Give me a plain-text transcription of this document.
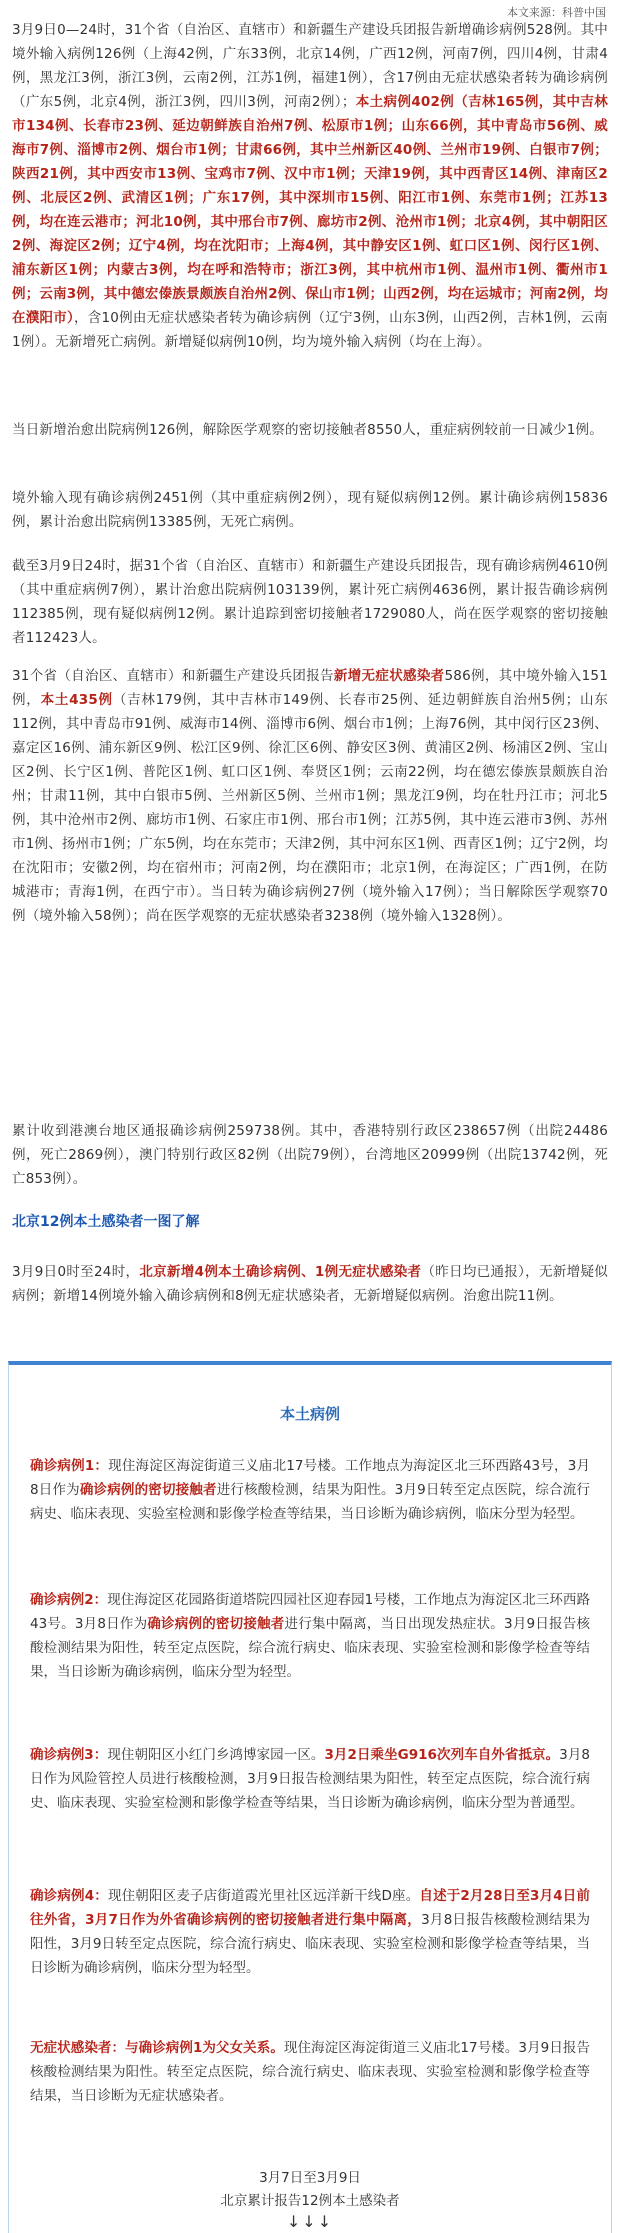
本文来源：科普中国
3月9日0—24时，31个省（自治区、直辖市）和新疆生产建设兵团报告新增确诊病例528例。其中境外输入病例126例（上海42例，广东33例，北京14例，广西12例，河南7例，四川4例，甘肃4例，黑龙江3例，浙江3例，云南2例，江苏1例，福建1例），含17例由无症状感染者转为确诊病例（广东5例，北京4例，浙江3例，四川3例，河南2例）；本土病例402例（吉林165例，其中吉林市134例、长春市23例、延边朝鲜族自治州7例、松原市1例；山东66例，其中青岛市56例、威海市7例、淄博市2例、烟台市1例；甘肃66例，其中兰州新区40例、兰州市19例、白银市7例；陕西21例，其中西安市13例、宝鸡市7例、汉中市1例；天津19例，其中西青区14例、津南区2例、北辰区2例、武清区1例；广东17例，其中深圳市15例、阳江市1例、东莞市1例；江苏13例，均在连云港市；河北10例，其中邢台市7例、廊坊市2例、沧州市1例；北京4例，其中朝阳区2例、海淀区2例；辽宁4例，均在沈阳市；上海4例，其中静安区1例、虹口区1例、闵行区1例、浦东新区1例；内蒙古3例，均在呼和浩特市；浙江3例，其中杭州市1例、温州市1例、衢州市1例；云南3例，其中德宏傣族景颇族自治州2例、保山市1例；山西2例，均在运城市；河南2例，均在濮阳市），含10例由无症状感染者转为确诊病例（辽宁3例，山东3例，山西2例，吉林1例，云南1例）。无新增死亡病例。新增疑似病例10例，均为境外输入病例（均在上海）。
当日新增治愈出院病例126例，解除医学观察的密切接触者8550人，重症病例较前一日减少1例。
境外输入现有确诊病例2451例（其中重症病例2例），现有疑似病例12例。累计确诊病例15836例，累计治愈出院病例13385例，无死亡病例。
截至3月9日24时，据31个省（自治区、直辖市）和新疆生产建设兵团报告，现有确诊病例4610例（其中重症病例7例），累计治愈出院病例103139例，累计死亡病例4636例，累计报告确诊病例112385例，现有疑似病例12例。累计追踪到密切接触者1729080人，尚在医学观察的密切接触者112423人。
31个省（自治区、直辖市）和新疆生产建设兵团报告新增无症状感染者586例，其中境外输入151例，本土435例（吉林179例，其中吉林市149例、长春市25例、延边朝鲜族自治州5例；山东112例，其中青岛市91例、威海市14例、淄博市6例、烟台市1例；上海76例，其中闵行区23例、嘉定区16例、浦东新区9例、松江区9例、徐汇区6例、静安区3例、黄浦区2例、杨浦区2例、宝山区2例、长宁区1例、普陀区1例、虹口区1例、奉贤区1例；云南22例，均在德宏傣族景颇族自治州；甘肃11例，其中白银市5例、兰州新区5例、兰州市1例；黑龙江9例，均在牡丹江市；河北5例，其中沧州市2例、廊坊市1例、石家庄市1例、邢台市1例；江苏5例，其中连云港市3例、苏州市1例、扬州市1例；广东5例，均在东莞市；天津2例，其中河东区1例、西青区1例；辽宁2例，均在沈阳市；安徽2例，均在宿州市；河南2例，均在濮阳市；北京1例，在海淀区；广西1例，在防城港市；青海1例，在西宁市）。当日转为确诊病例27例（境外输入17例）；当日解除医学观察70例（境外输入58例）；尚在医学观察的无症状感染者3238例（境外输入1328例）。
累计收到港澳台地区通报确诊病例259738例。其中，香港特别行政区238657例（出院24486例，死亡2869例），澳门特别行政区82例（出院79例），台湾地区20999例（出院13742例，死亡853例）。
北京12例本土感染者一图了解
3月9日0时至24时，北京新增4例本土确诊病例、1例无症状感染者（昨日均已通报），无新增疑似病例；新增14例境外输入确诊病例和8例无症状感染者，无新增疑似病例。治愈出院11例。
本土病例
确诊病例1：现住海淀区海淀街道三义庙北17号楼。工作地点为海淀区北三环西路43号，3月8日作为确诊病例的密切接触者进行核酸检测，结果为阳性。3月9日转至定点医院，综合流行病史、临床表现、实验室检测和影像学检查等结果，当日诊断为确诊病例，临床分型为轻型。
确诊病例2：现住海淀区花园路街道塔院四园社区迎春园1号楼，工作地点为海淀区北三环西路43号。3月8日作为确诊病例的密切接触者进行集中隔离，当日出现发热症状。3月9日报告核酸检测结果为阳性，转至定点医院，综合流行病史、临床表现、实验室检测和影像学检查等结果，当日诊断为确诊病例，临床分型为轻型。
确诊病例3：现住朝阳区小红门乡鸿博家园一区。3月2日乘坐G916次列车自外省抵京。3月8日作为风险管控人员进行核酸检测，3月9日报告检测结果为阳性，转至定点医院，综合流行病史、临床表现、实验室检测和影像学检查等结果，当日诊断为确诊病例，临床分型为普通型。
确诊病例4：现住朝阳区麦子店街道霞光里社区远洋新干线D座。自述于2月28日至3月4日前往外省，3月7日作为外省确诊病例的密切接触者进行集中隔离，3月8日报告核酸检测结果为阳性，3月9日转至定点医院，综合流行病史、临床表现、实验室检测和影像学检查等结果，当日诊断为确诊病例，临床分型为轻型。
无症状感染者：与确诊病例1为父女关系。现住海淀区海淀街道三义庙北17号楼。3月9日报告核酸检测结果为阳性。转至定点医院，综合流行病史、临床表现、实验室检测和影像学检查等结果，当日诊断为无症状感染者。
3月7日至3月9日
北京累计报告12例本土感染者
↓↓↓
